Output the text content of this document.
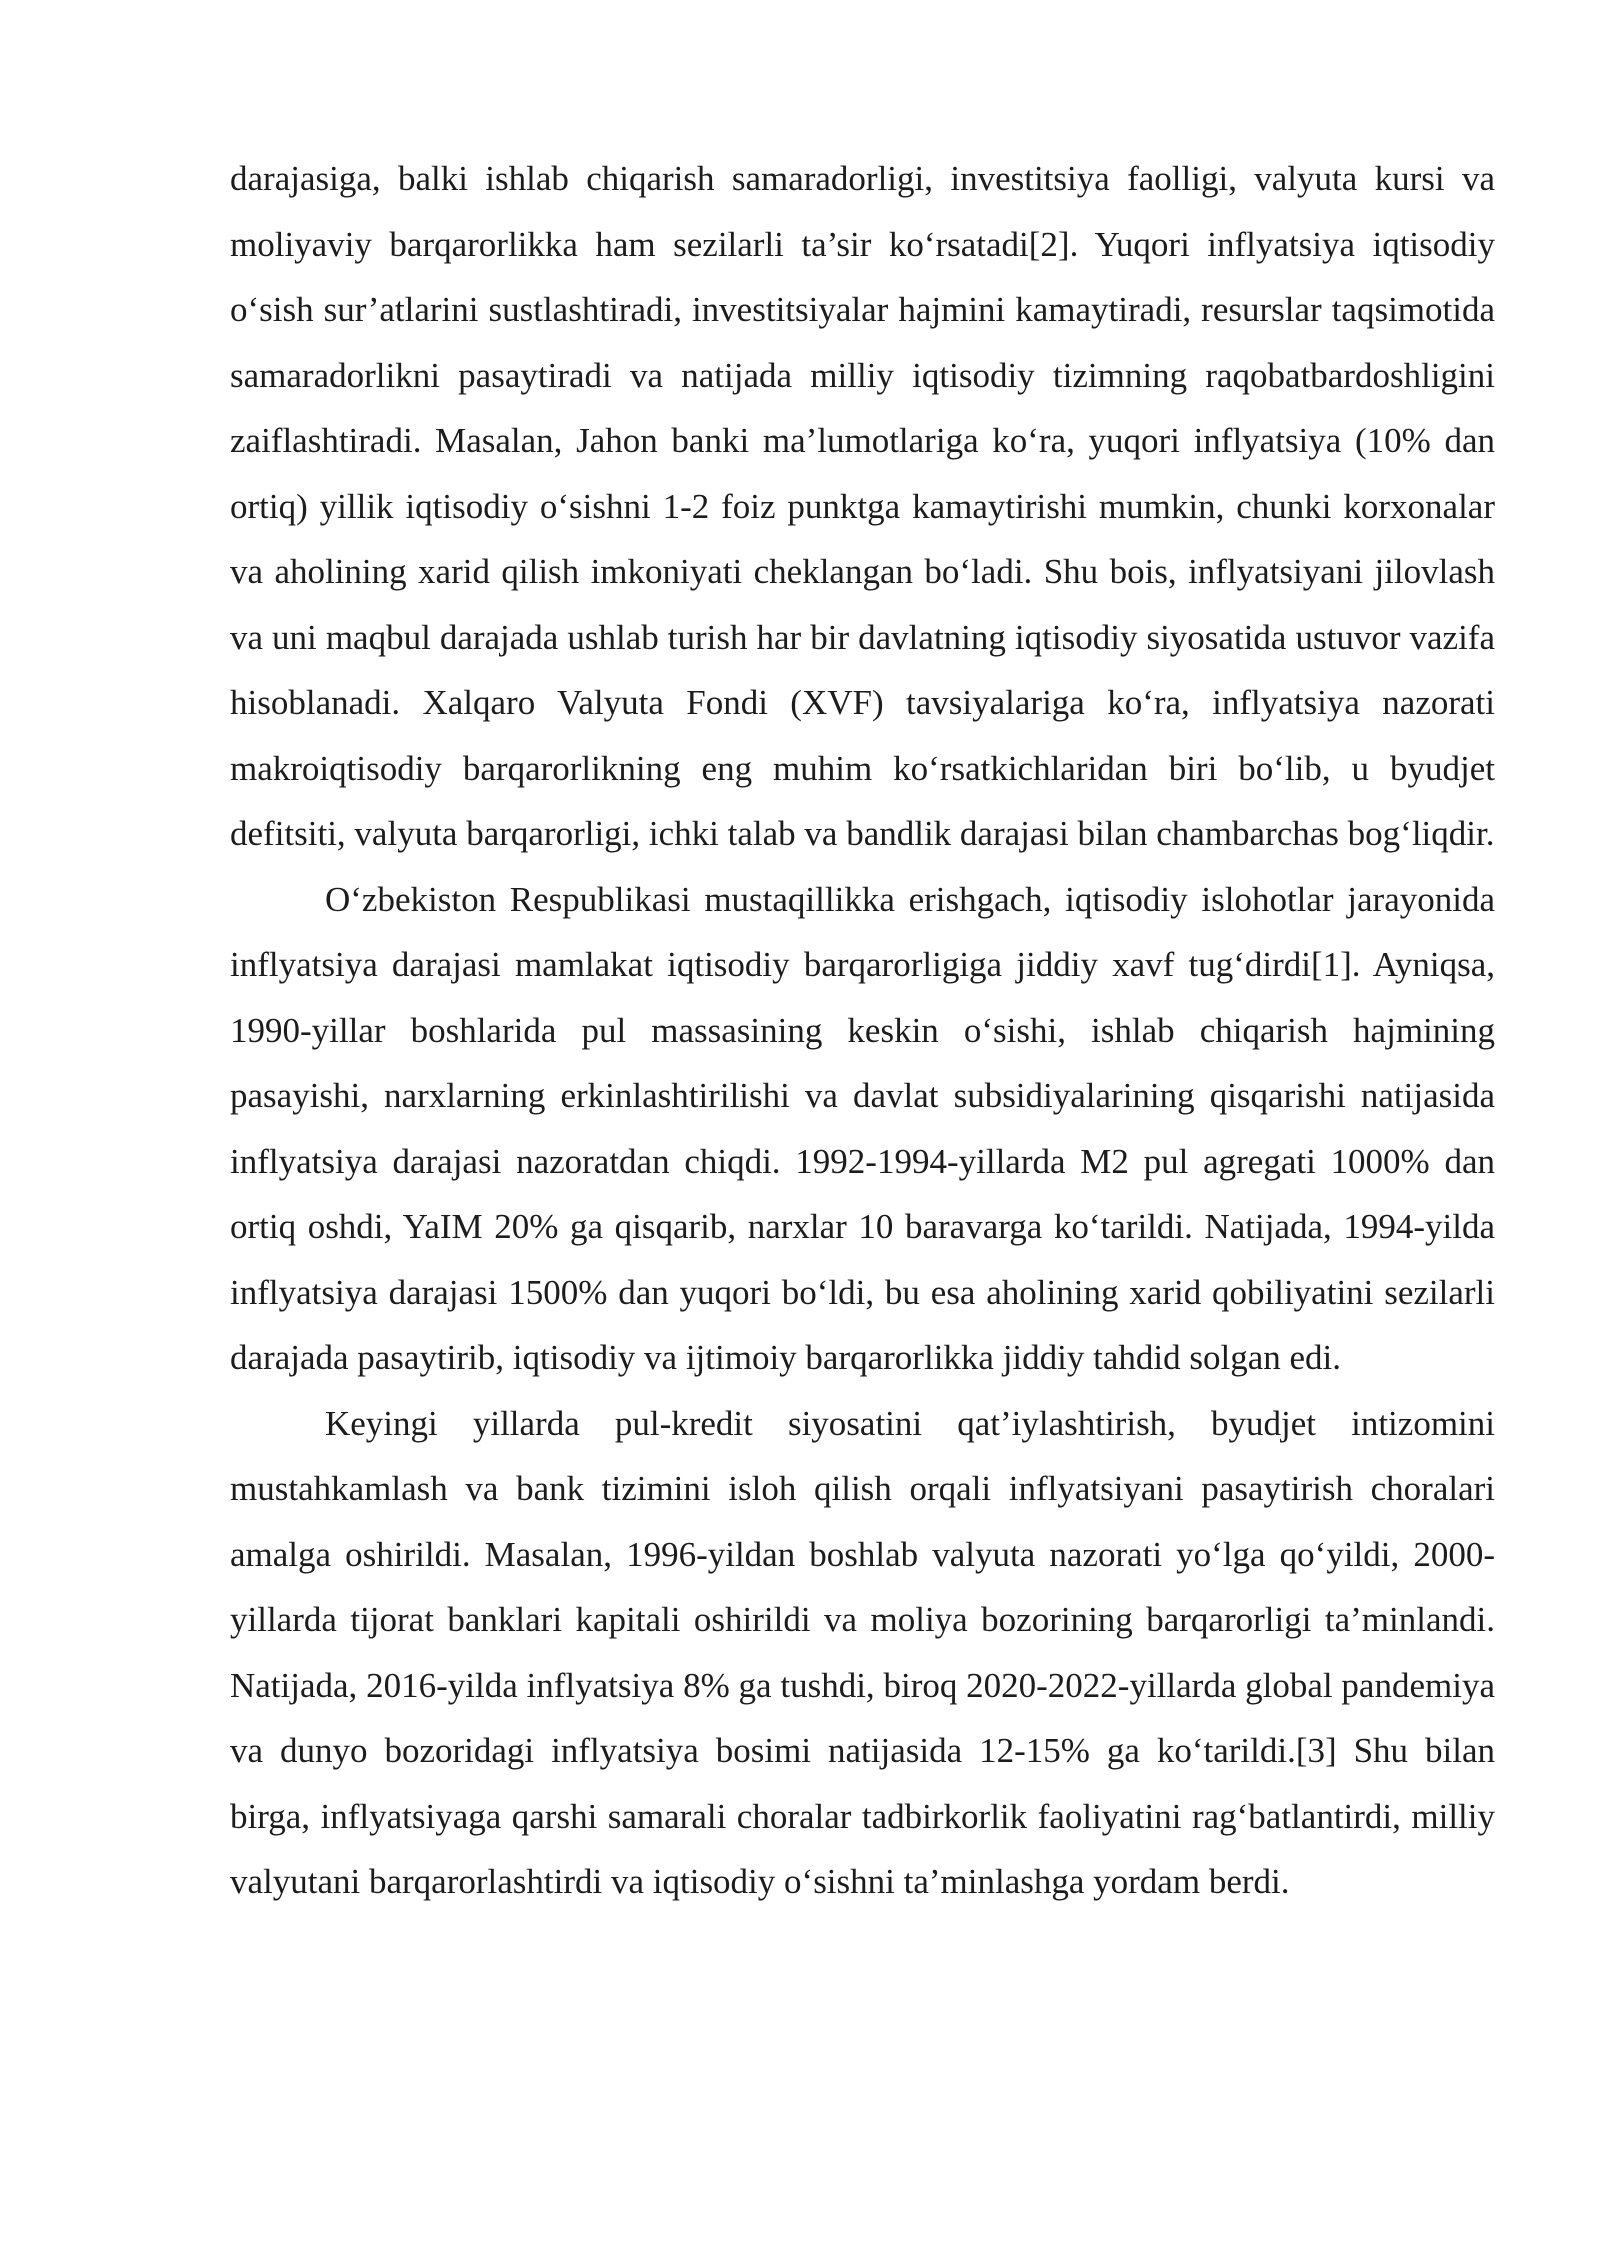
darajasiga, balki ishlab chiqarish samaradorligi, investitsiya faolligi, valyuta kursi va moliyaviy barqarorlikka ham sezilarli ta’sir ko‘rsatadi[2]. Yuqori inflyatsiya iqtisodiy o‘sish sur’atlarini sustlashtiradi, investitsiyalar hajmini kamaytiradi, resurslar taqsimotida samaradorlikni pasaytiradi va natijada milliy iqtisodiy tizimning raqobatbardoshligini zaiflashtiradi. Masalan, Jahon banki ma’lumotlariga ko‘ra, yuqori inflyatsiya (10% dan ortiq) yillik iqtisodiy o‘sishni 1-2 foiz punktga kamaytirishi mumkin, chunki korxonalar va aholining xarid qilish imkoniyati cheklangan bo‘ladi. Shu bois, inflyatsiyani jilovlash va uni maqbul darajada ushlab turish har bir davlatning iqtisodiy siyosatida ustuvor vazifa hisoblanadi. Xalqaro Valyuta Fondi (XVF) tavsiyalariga ko‘ra, inflyatsiya nazorati makroiqtisodiy barqarorlikning eng muhim ko‘rsatkichlaridan biri bo‘lib, u byudjet defitsiti, valyuta barqarorligi, ichki talab va bandlik darajasi bilan chambarchas bog‘liqdir.

O‘zbekiston Respublikasi mustaqillikka erishgach, iqtisodiy islohotlar jarayonida inflyatsiya darajasi mamlakat iqtisodiy barqarorligiga jiddiy xavf tug‘dirdi[1]. Ayniqsa, 1990-yillar boshlarida pul massasining keskin o‘sishi, ishlab chiqarish hajmining pasayishi, narxlarning erkinlashtirilishi va davlat subsidiyalarining qisqarishi natijasida inflyatsiya darajasi nazoratdan chiqdi. 1992-1994-yillarda M2 pul agregati 1000% dan ortiq oshdi, YaIM 20% ga qisqarib, narxlar 10 baravarga ko‘tarildi. Natijada, 1994-yilda inflyatsiya darajasi 1500% dan yuqori bo‘ldi, bu esa aholining xarid qobiliyatini sezilarli darajada pasaytirib, iqtisodiy va ijtimoiy barqarorlikka jiddiy tahdid solgan edi.

Keyingi yillarda pul-kredit siyosatini qat’iylashtirish, byudjet intizomini mustahkamlash va bank tizimini isloh qilish orqali inflyatsiyani pasaytirish choralari amalga oshirildi. Masalan, 1996-yildan boshlab valyuta nazorati yo‘lga qo‘yildi, 2000-yillarda tijorat banklari kapitali oshirildi va moliya bozorining barqarorligi ta’minlandi. Natijada, 2016-yilda inflyatsiya 8% ga tushdi, biroq 2020-2022-yillarda global pandemiya va dunyo bozoridagi inflyatsiya bosimi natijasida 12-15% ga ko‘tarildi.[3] Shu bilan birga, inflyatsiyaga qarshi samarali choralar tadbirkorlik faoliyatini rag‘batlantirdi, milliy valyutani barqarorlashtirdi va iqtisodiy o‘sishni ta’minlashga yordam berdi.
